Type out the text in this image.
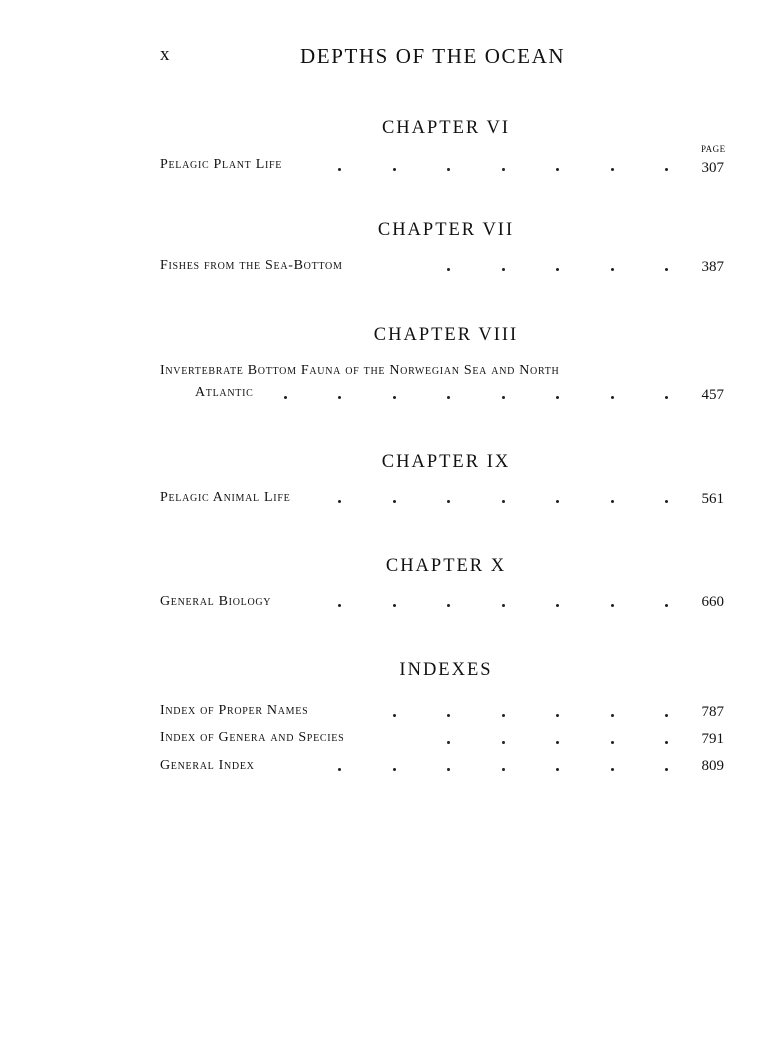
x	DEPTHS OF THE OCEAN
CHAPTER VI
PAGE
Pelagic Plant Life	307
CHAPTER VII
Fishes from the Sea-Bottom	387
CHAPTER VIII
Invertebrate Bottom Fauna of the Norwegian Sea and North
Atlantic	457
CHAPTER IX
Pelagic Animal Life	561
CHAPTER X
General Biology	660
INDEXES
Index of Proper Names	787
Index of Genera and Species	791
General Index	809
